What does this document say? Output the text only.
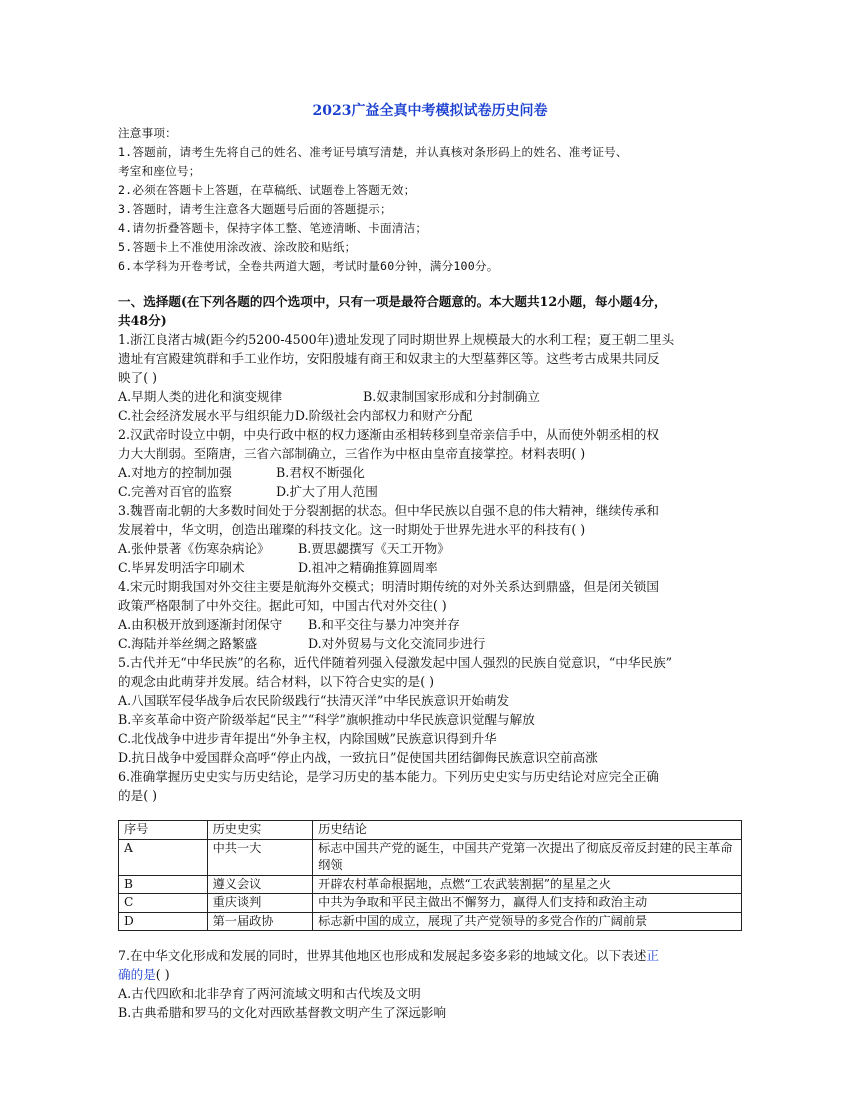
2023广益全真中考模拟试卷历史问卷
注意事项：
1.答题前，请考生先将自己的姓名、准考证号填写清楚，并认真核对条形码上的姓名、准考证号、
考室和座位号；
2.必须在答题卡上答题，在草稿纸、试题卷上答题无效；
3.答题时，请考生注意各大题题号后面的答题提示；
4.请勿折叠答题卡，保持字体工整、笔迹清晰、卡面清洁；
5.答题卡上不准使用涂改液、涂改胶和贴纸；
6.本学科为开卷考试，全卷共两道大题，考试时量60分钟，满分100分。
一、选择题(在下列各题的四个选项中，只有一项是最符合题意的。本大题共12小题，每小题4分，
共48分)

1.浙江良渚古城(距今约5200-4500年)遗址发现了同时期世界上规模最大的水利工程；夏王朝二里头

遗址有宫殿建筑群和手工业作坊，安阳殷墟有商王和奴隶主的大型墓葬区等。这些考古成果共同反

映了( )

A.早期人类的进化和演变规律	B.奴隶制国家形成和分封制确立
C.社会经济发展水平与组织能力 D.阶级社会内部权力和财产分配

2.汉武帝时设立中朝，中央行政中枢的权力逐渐由丞相转移到皇帝亲信手中，从而使外朝丞相的权

力大大削弱。至隋唐，三省六部制确立，三省作为中枢由皇帝直接掌控。材料表明( )

A.对地方的控制加强	B.君权不断强化
C.完善对百官的监察	D.扩大了用人范围

3.魏晋南北朝的大多数时间处于分裂割据的状态。但中华民族以自强不息的伟大精神，继续传承和

发展着中，华文明，创造出璀璨的科技文化。这一时期处于世界先进水平的科技有( )

A.张仲景著《伤寒杂病论》	B.贾思勰撰写《天工开物》
C.毕昇发明活字印刷术	D.祖冲之精确推算圆周率

4.宋元时期我国对外交往主要是航海外交模式；明清时期传统的对外关系达到鼎盛，但是闭关锁国

政策严格限制了中外交往。据此可知，中国古代对外交往( )

A.由积极开放到逐渐封闭保守	B.和平交往与暴力冲突并存
C.海陆并举丝绸之路繁盛	D.对外贸易与文化交流同步进行

5.古代并无“中华民族”的名称，近代伴随着列强入侵激发起中国人强烈的民族自觉意识，“中华民族”

的观念由此萌芽并发展。结合材料，以下符合史实的是( )

A.八国联军侵华战争后农民阶级践行“扶清灭洋”中华民族意识开始萌发

B.辛亥革命中资产阶级举起“民主”“科学”旗帜推动中华民族意识觉醒与解放

C.北伐战争中进步青年提出“外争主权，内除国贼”民族意识得到升华

D.抗日战争中爱国群众高呼“停止内战，一致抗日”促使国共团结御侮民族意识空前高涨

6.准确掌握历史史实与历史结论，是学习历史的基本能力。下列历史史实与历史结论对应完全正确

的是( )

序号	历史史实	历史结论
A	中共一大	标志中国共产党的诞生，中国共产党第一次提出了彻底反帝反封建的民主革命纲领
B	遵义会议	开辟农村革命根据地，点燃“工农武装割据”的星星之火
C	重庆谈判	中共为争取和平民主做出不懈努力，赢得人们支持和政治主动
D	第一届政协	标志新中国的成立，展现了共产党领导的多党合作的广阔前景

7.在中华文化形成和发展的同时，世界其他地区也形成和发展起多姿多彩的地域文化。以下表述正

确的是( )

A.古代四欧和北非孕育了两河流域文明和古代埃及文明

B.古典希腊和罗马的文化对西欧基督教文明产生了深远影响
